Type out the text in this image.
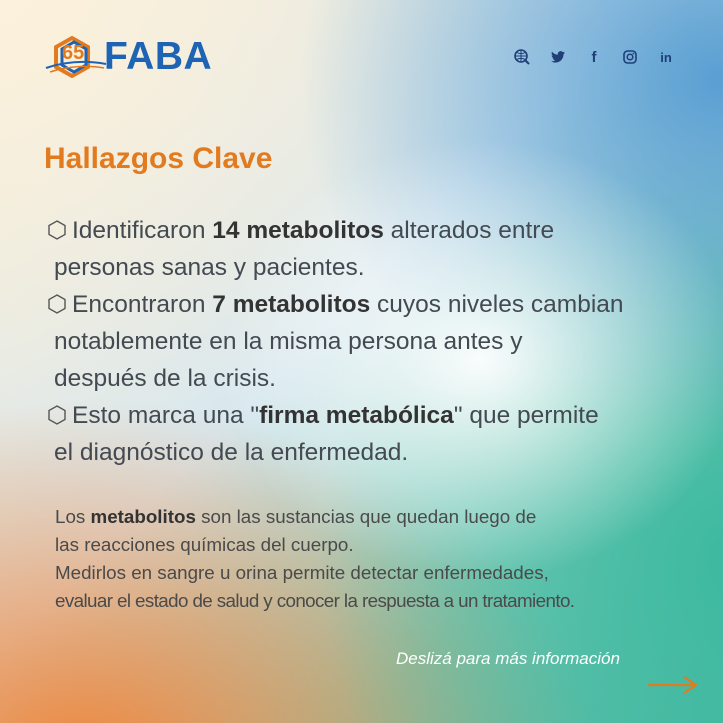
65 FABA	f	in
Hallazgos Clave
Identificaron 14 metabolitos alterados entre
personas sanas y pacientes.
Encontraron 7 metabolitos cuyos niveles cambian
notablemente en la misma persona antes y
después de la crisis.
Esto marca una "firma metabólica" que permite
el diagnóstico de la enfermedad.
Los metabolitos son las sustancias que quedan luego de
las reacciones químicas del cuerpo.
Medirlos en sangre u orina permite detectar enfermedades,
evaluar el estado de salud y conocer la respuesta a un tratamiento.
Deslizá para más información
